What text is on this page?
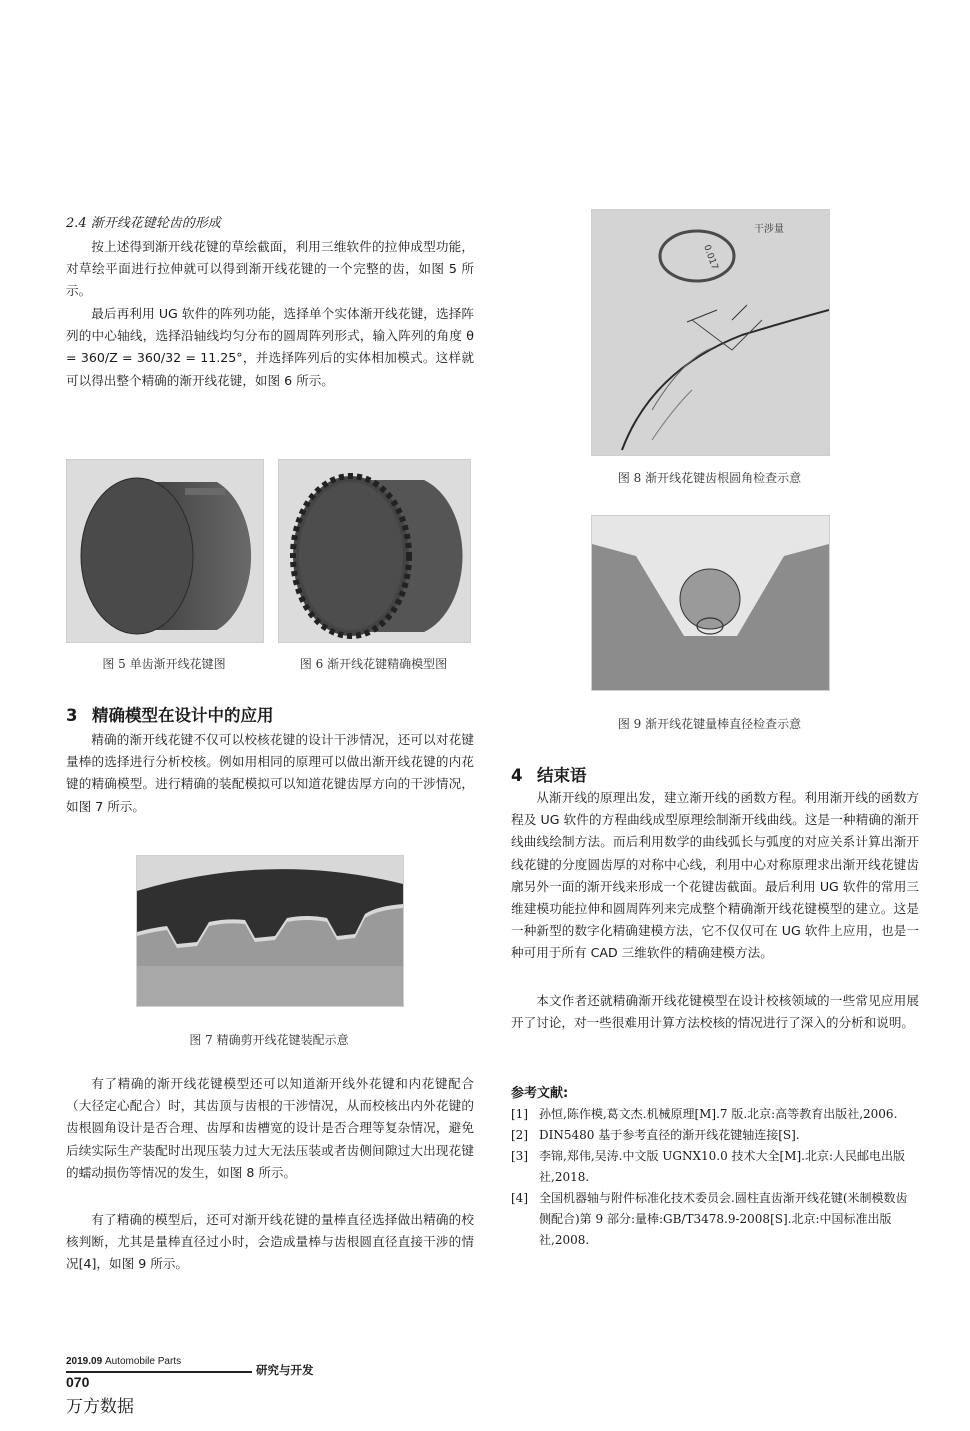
2.4 渐开线花键轮齿的形成

按上述得到渐开线花键的草绘截面，利用三维软件的拉伸成型功能，对草绘平面进行拉伸就可以得到渐开线花键的一个完整的齿，如图 5 所示。

最后再利用 UG 软件的阵列功能，选择单个实体渐开线花键，选择阵列的中心轴线，选择沿轴线均匀分布的圆周阵列形式，输入阵列的角度 θ = 360/Z = 360/32 = 11.25°，并选择阵列后的实体相加模式。这样就可以得出整个精确的渐开线花键，如图 6 所示。

图 5 单齿渐开线花键图	图 6 渐开线花键精确模型图
3 精确模型在设计中的应用

精确的渐开线花键不仅可以校核花键的设计干涉情况，还可以对花键量棒的选择进行分析校核。例如用相同的原理可以做出渐开线花键的内花键的精确模型。进行精确的装配模拟可以知道花键齿厚方向的干涉情况，如图 7 所示。

图 7 精确剪开线花键装配示意

有了精确的渐开线花键模型还可以知道渐开线外花键和内花键配合（大径定心配合）时，其齿顶与齿根的干涉情况，从而校核出内外花键的齿根圆角设计是否合理、齿厚和齿槽宽的设计是否合理等复杂情况，避免后续实际生产装配时出现压装力过大无法压装或者齿侧间隙过大出现花键的蠕动损伤等情况的发生，如图 8 所示。

有了精确的模型后，还可对渐开线花键的量棒直径选择做出精确的校核判断，尤其是量棒直径过小时，会造成量棒与齿根圆直径直接干涉的情况[4]，如图 9 所示。

干涉量
0.017
图 8 渐开线花键齿根圆角检查示意
图 9 渐开线花键量棒直径检查示意
4 结束语

从渐开线的原理出发，建立渐开线的函数方程。利用渐开线的函数方程及 UG 软件的方程曲线成型原理绘制渐开线曲线。这是一种精确的渐开线曲线绘制方法。而后利用数学的曲线弧长与弧度的对应关系计算出渐开线花键的分度圆齿厚的对称中心线，利用中心对称原理求出渐开线花键齿廓另外一面的渐开线来形成一个花键齿截面。最后利用 UG 软件的常用三维建模功能拉伸和圆周阵列来完成整个精确渐开线花键模型的建立。这是一种新型的数字化精确建模方法，它不仅仅可在 UG 软件上应用，也是一种可用于所有 CAD 三维软件的精确建模方法。

本文作者还就精确渐开线花键模型在设计校核领域的一些常见应用展开了讨论，对一些很难用计算方法校核的情况进行了深入的分析和说明。

参考文献:
[1] 孙恒,陈作模,葛文杰.机械原理[M].7 版.北京:高等教育出版社,2006.
[2] DIN5480 基于参考直径的渐开线花键轴连接[S].
[3] 李锦,郑伟,吴涛.中文版 UGNX10.0 技术大全[M].北京:人民邮电出版社,2018.
[4] 全国机器轴与附件标准化技术委员会.圆柱直齿渐开线花键(米制模数齿侧配合)第 9 部分:量棒:GB/T3478.9-2008[S].北京:中国标准出版社,2008.
2019.09 Automobile Parts
研究与开发
070
万方数据
